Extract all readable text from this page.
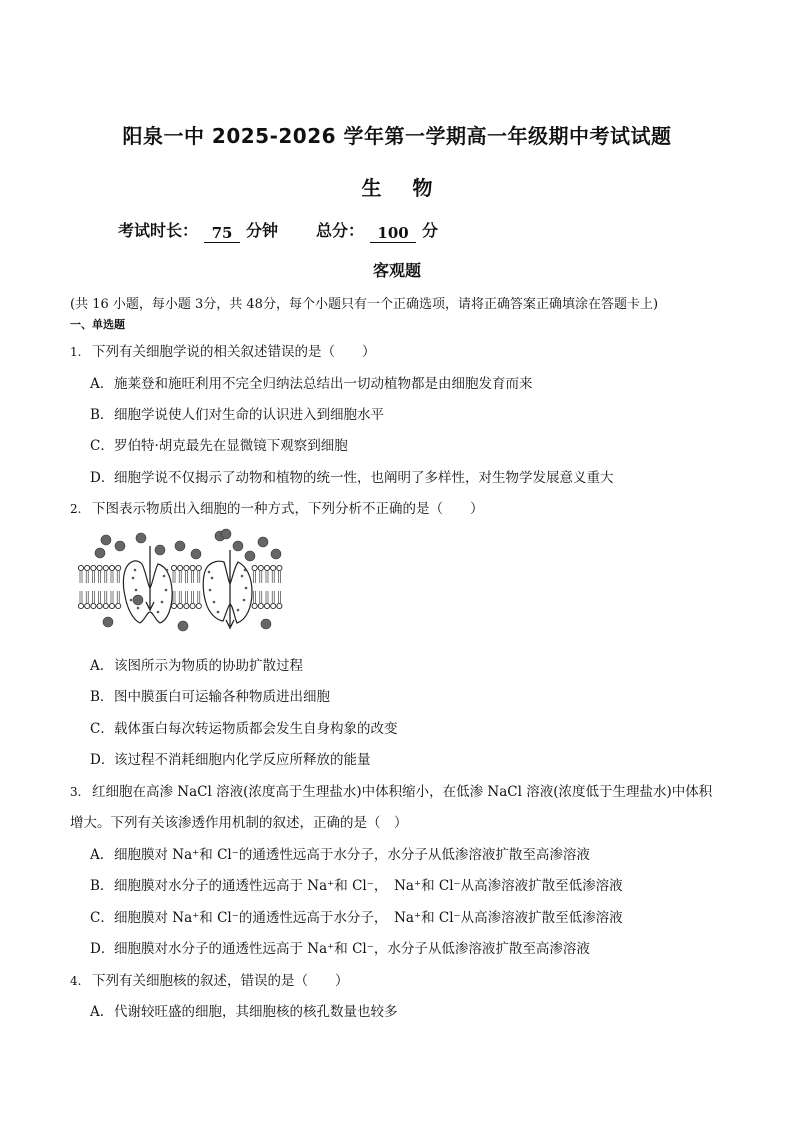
阳泉一中 2025-2026 学年第一学期高一年级期中考试试题
生 物
考试时长： 75 分钟 总分： 100 分
客观题
(共 16 小题，每小题 3分，共 48分，每个小题只有一个正确选项，请将正确答案正确填涂在答题卡上)
一、单选题
1. 下列有关细胞学说的相关叙述错误的是（　　）
A．施莱登和施旺利用不完全归纳法总结出一切动植物都是由细胞发育而来
B．细胞学说使人们对生命的认识进入到细胞水平
C．罗伯特·胡克最先在显微镜下观察到细胞
D．细胞学说不仅揭示了动物和植物的统一性，也阐明了多样性，对生物学发展意义重大
2. 下图表示物质出入细胞的一种方式，下列分析不正确的是（　　）
A. 该图所示为物质的协助扩散过程
B．图中膜蛋白可运输各种物质进出细胞
C．载体蛋白每次转运物质都会发生自身构象的改变
D．该过程不消耗细胞内化学反应所释放的能量
3. 红细胞在高渗 NaCl 溶液(浓度高于生理盐水)中体积缩小，在低渗 NaCl 溶液(浓度低于生理盐水)中体积
增大。下列有关该渗透作用机制的叙述，正确的是（　）
A. 细胞膜对 Na⁺和 Cl⁻的通透性远高于水分子，水分子从低渗溶液扩散至高渗溶液
B．细胞膜对水分子的通透性远高于 Na⁺和 Cl⁻，　Na⁺和 Cl⁻从高渗溶液扩散至低渗溶液
C．细胞膜对 Na⁺和 Cl⁻的通透性远高于水分子，　Na⁺和 Cl⁻从高渗溶液扩散至低渗溶液
D．细胞膜对水分子的通透性远高于 Na⁺和 Cl⁻，水分子从低渗溶液扩散至高渗溶液
4. 下列有关细胞核的叙述，错误的是（　　）
A. 代谢较旺盛的细胞，其细胞核的核孔数量也较多
